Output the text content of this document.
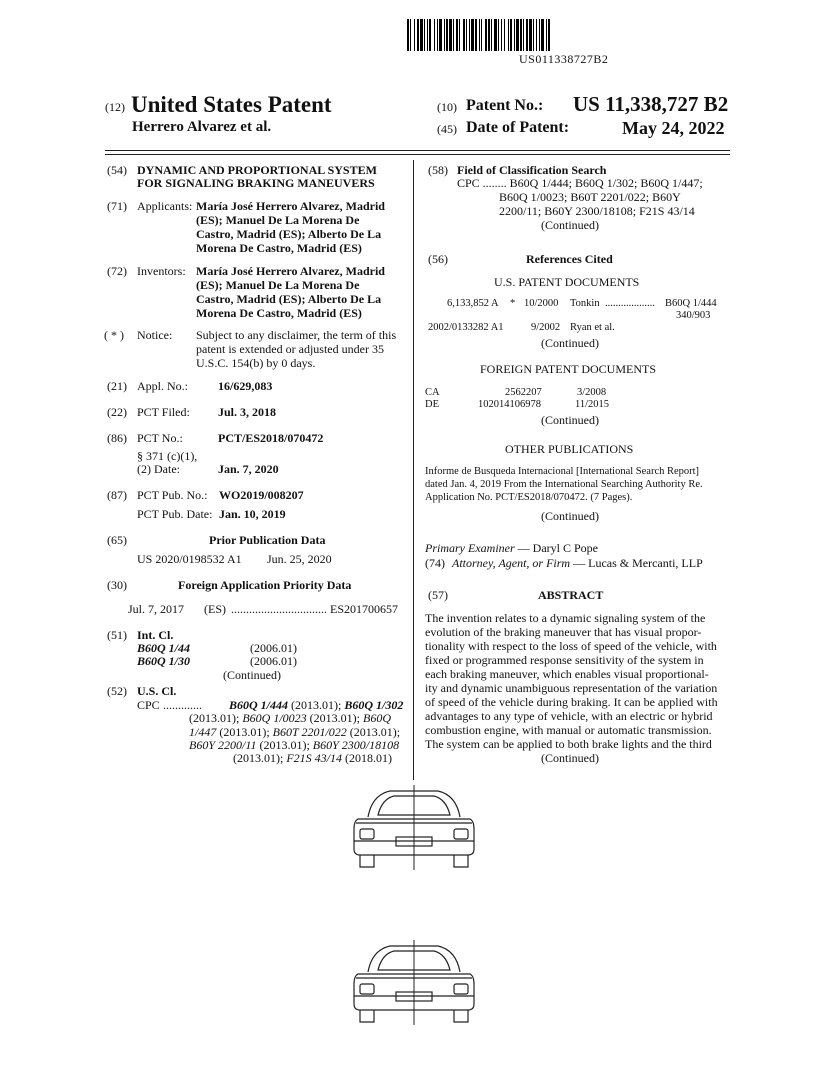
US011338727B2
(12) United States Patent
Herrero Alvarez et al.
(10) Patent No.: US 11,338,727 B2
(45) Date of Patent:	May 24, 2022
(54) DYNAMIC AND PROPORTIONAL SYSTEM
FOR SIGNALING BRAKING MANEUVERS
(71) Applicants: María José Herrero Alvarez, Madrid
(ES); Manuel De La Morena De
Castro, Madrid (ES); Alberto De La
Morena De Castro, Madrid (ES)
(72) Inventors: María José Herrero Alvarez, Madrid
(ES); Manuel De La Morena De
Castro, Madrid (ES); Alberto De La
Morena De Castro, Madrid (ES)
( * ) Notice: Subject to any disclaimer, the term of this
patent is extended or adjusted under 35
U.S.C. 154(b) by 0 days.
(21) Appl. No.:	16/629,083
(22) PCT Filed: Jul. 3, 2018
(86) PCT No.:	PCT/ES2018/070472
§ 371 (c)(1),
(2) Date:	Jan. 7, 2020
(87) PCT Pub. No.: WO2019/008207
PCT Pub. Date: Jan. 10, 2019
(65)	Prior Publication Data
US 2020/0198532 A1 Jun. 25, 2020
(30)	Foreign Application Priority Data
Jul. 7, 2017 (ES) ................................ ES201700657
(51) Int. Cl.
B60Q 1/44	(2006.01)
B60Q 1/30	(2006.01)
(Continued)
(52) U.S. Cl.
CPC ............. B60Q 1/444 (2013.01); B60Q 1/302
(2013.01); B60Q 1/0023 (2013.01); B60Q
1/447 (2013.01); B60T 2201/022 (2013.01);
B60Y 2200/11 (2013.01); B60Y 2300/18108
(2013.01); F21S 43/14 (2018.01)
(58) Field of Classification Search
CPC ........ B60Q 1/444; B60Q 1/302; B60Q 1/447;
B60Q 1/0023; B60T 2201/022; B60Y
2200/11; B60Y 2300/18108; F21S 43/14
(Continued)
(56)	References Cited
U.S. PATENT DOCUMENTS
6,133,852 A * 10/2000 Tonkin ................... B60Q 1/444
340/903
2002/0133282 A1	9/2002 Ryan et al.
(Continued)
FOREIGN PATENT DOCUMENTS
CA	2562207	3/2008
DE	102014106978	11/2015
(Continued)
OTHER PUBLICATIONS
Informe de Busqueda Internacional [International Search Report]
dated Jan. 4, 2019 From the International Searching Authority Re.
Application No. PCT/ES2018/070472. (7 Pages).
(Continued)
Primary Examiner — Daryl C Pope
(74) Attorney, Agent, or Firm — Lucas & Mercanti, LLP
(57)	ABSTRACT
The invention relates to a dynamic signaling system of the
evolution of the braking maneuver that has visual propor-
tionality with respect to the loss of speed of the vehicle, with
fixed or programmed response sensitivity of the system in
each braking maneuver, which enables visual proportional-
ity and dynamic unambiguous representation of the variation
of speed of the vehicle during braking. It can be applied with
advantages to any type of vehicle, with an electric or hybrid
combustion engine, with manual or automatic transmission.
The system can be applied to both brake lights and the third
(Continued)
